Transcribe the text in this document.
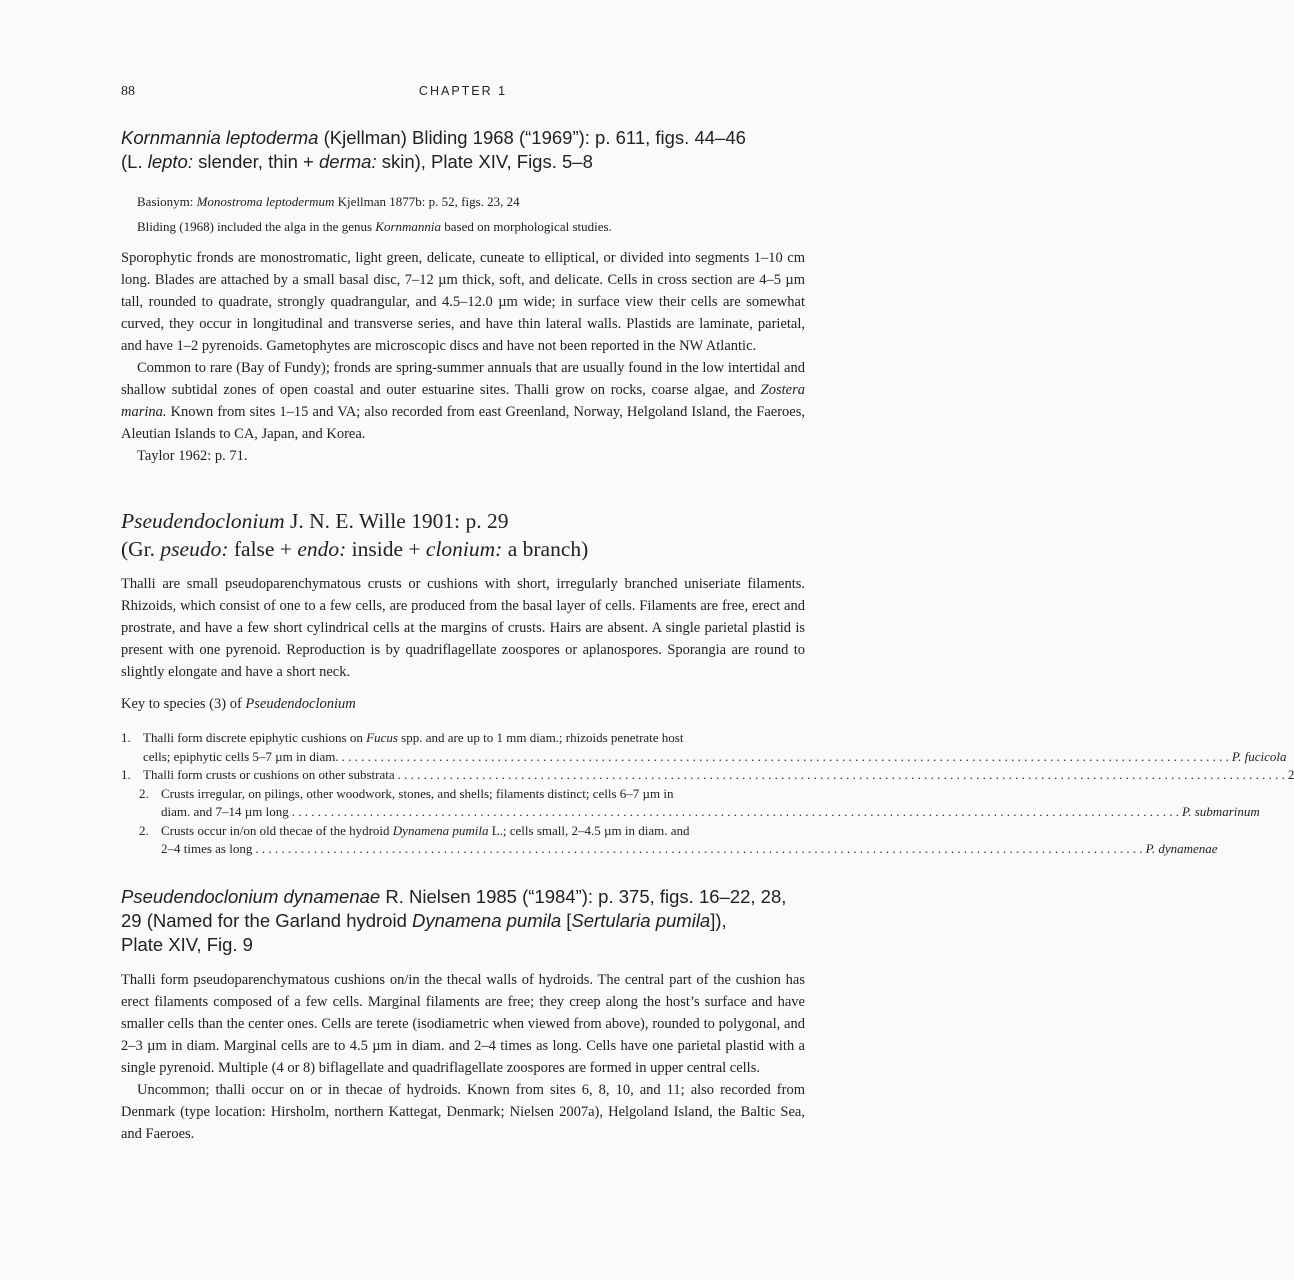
88	CHAPTER 1
Kornmannia leptoderma (Kjellman) Bliding 1968 (“1969”): p. 611, figs. 44–46
(L. lepto: slender, thin + derma: skin), Plate XIV, Figs. 5–8
Basionym: Monostroma leptodermum Kjellman 1877b: p. 52, figs. 23, 24
Bliding (1968) included the alga in the genus Kornmannia based on morphological studies.

Sporophytic fronds are monostromatic, light green, delicate, cuneate to elliptical, or divided into segments 1–10 cm long. Blades are attached by a small basal disc, 7–12 µm thick, soft, and delicate. Cells in cross section are 4–5 µm tall, rounded to quadrate, strongly quadrangular, and 4.5–12.0 µm wide; in surface view their cells are somewhat curved, they occur in longitudinal and transverse series, and have thin lateral walls. Plastids are laminate, parietal, and have 1–2 pyrenoids. Gametophytes are microscopic discs and have not been reported in the NW Atlantic.

Common to rare (Bay of Fundy); fronds are spring-summer annuals that are usually found in the low intertidal and shallow subtidal zones of open coastal and outer estuarine sites. Thalli grow on rocks, coarse algae, and Zostera marina. Known from sites 1–15 and VA; also recorded from east Greenland, Norway, Helgoland Island, the Faeroes, Aleutian Islands to CA, Japan, and Korea.

Taylor 1962: p. 71.

Pseudendoclonium J. N. E. Wille 1901: p. 29
(Gr. pseudo: false + endo: inside + clonium: a branch)

Thalli are small pseudoparenchymatous crusts or cushions with short, irregularly branched uniseriate filaments. Rhizoids, which consist of one to a few cells, are produced from the basal layer of cells. Filaments are free, erect and prostrate, and have a few short cylindrical cells at the margins of crusts. Hairs are absent. A single parietal plastid is present with one pyrenoid. Reproduction is by quadriflagellate zoospores or aplanospores. Sporangia are round to slightly elongate and have a short neck.

Key to species (3) of Pseudendoclonium
1. Thalli form discrete epiphytic cushions on Fucus spp. and are up to 1 mm diam.; rhizoids penetrate host
cells; epiphytic cells 5–7 µm in diam. . . .	P. fucicola
1. Thalli form crusts or cushions on other substrata . . .	2
2. Crusts irregular, on pilings, other woodwork, stones, and shells; filaments distinct; cells 6–7 µm in
diam. and 7–14 µm long . . .	P. submarinum
2. Crusts occur in/on old thecae of the hydroid Dynamena pumila L.; cells small, 2–4.5 µm in diam. and
2–4 times as long . . .	P. dynamenae
Pseudendoclonium dynamenae R. Nielsen 1985 (“1984”): p. 375, figs. 16–22, 28,
29 (Named for the Garland hydroid Dynamena pumila [Sertularia pumila]),
Plate XIV, Fig. 9

Thalli form pseudoparenchymatous cushions on/in the thecal walls of hydroids. The central part of the cushion has erect filaments composed of a few cells. Marginal filaments are free; they creep along the host’s surface and have smaller cells than the center ones. Cells are terete (isodiametric when viewed from above), rounded to polygonal, and 2–3 µm in diam. Marginal cells are to 4.5 µm in diam. and 2–4 times as long. Cells have one parietal plastid with a single pyrenoid. Multiple (4 or 8) biflagellate and quadriflagellate zoospores are formed in upper central cells.

Uncommon; thalli occur on or in thecae of hydroids. Known from sites 6, 8, 10, and 11; also recorded from Denmark (type location: Hirsholm, northern Kattegat, Denmark; Nielsen 2007a), Helgoland Island, the Baltic Sea, and Faeroes.
